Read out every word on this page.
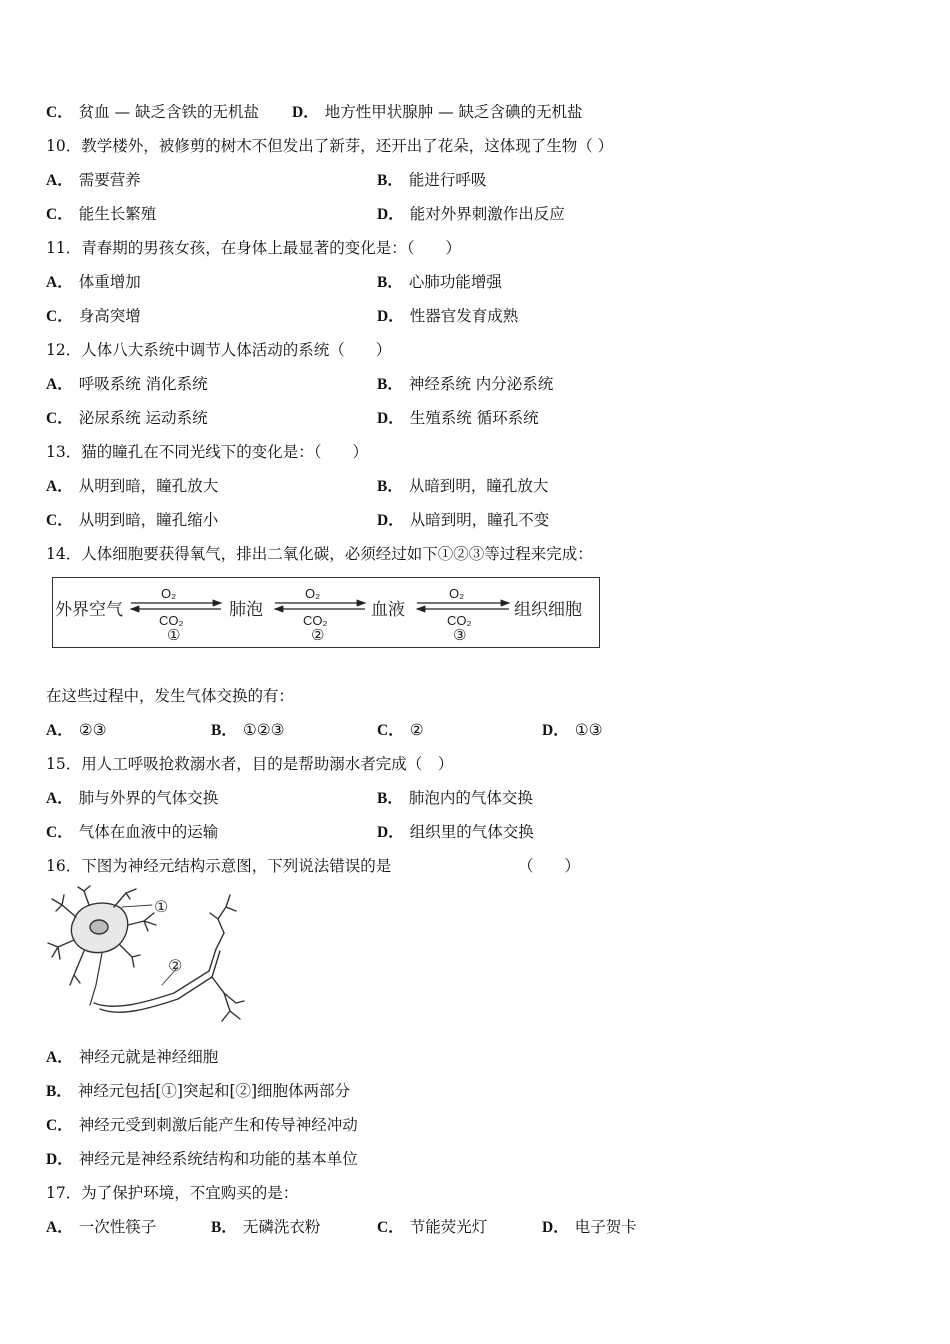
C． 贫血 — 缺乏含铁的无机盐 D． 地方性甲状腺肿 — 缺乏含碘的无机盐
10．教学楼外，被修剪的树木不但发出了新芽，还开出了花朵，这体现了生物（ ）
A． 需要营养	B． 能进行呼吸
C． 能生长繁殖	D． 能对外界刺激作出反应
11．青春期的男孩女孩，在身体上最显著的变化是：（　　）
A． 体重增加	B． 心肺功能增强
C． 身高突增	D． 性器官发育成熟
12．人体八大系统中调节人体活动的系统（　　）
A． 呼吸系统 消化系统	B． 神经系统 内分泌系统
C． 泌尿系统 运动系统	D． 生殖系统 循环系统
13．猫的瞳孔在不同光线下的变化是：（　　）
A． 从明到暗，瞳孔放大	B． 从暗到明，瞳孔放大
C． 从明到暗，瞳孔缩小	D． 从暗到明，瞳孔不变
14．人体细胞要获得氧气，排出二氧化碳，必须经过如下①②③等过程来完成：
外界空气	肺泡	血液	组织细胞
O₂
CO₂
①
O₂
CO₂
②
O₂
CO₂
③
在这些过程中，发生气体交换的有：
A． ②③	B． ①②③	C． ②	D． ①③
15．用人工呼吸抢救溺水者，目的是帮助溺水者完成（　）
A． 肺与外界的气体交换	B． 肺泡内的气体交换
C． 气体在血液中的运输	D． 组织里的气体交换
16．下图为神经元结构示意图，下列说法错误的是	（　　）
①
②
A． 神经元就是神经细胞
B． 神经元包括[①]突起和[②]细胞体两部分
C． 神经元受到刺激后能产生和传导神经冲动
D． 神经元是神经系统结构和功能的基本单位
17．为了保护环境，不宜购买的是：
A． 一次性筷子	B． 无磷洗衣粉	C． 节能荧光灯	D． 电子贺卡
